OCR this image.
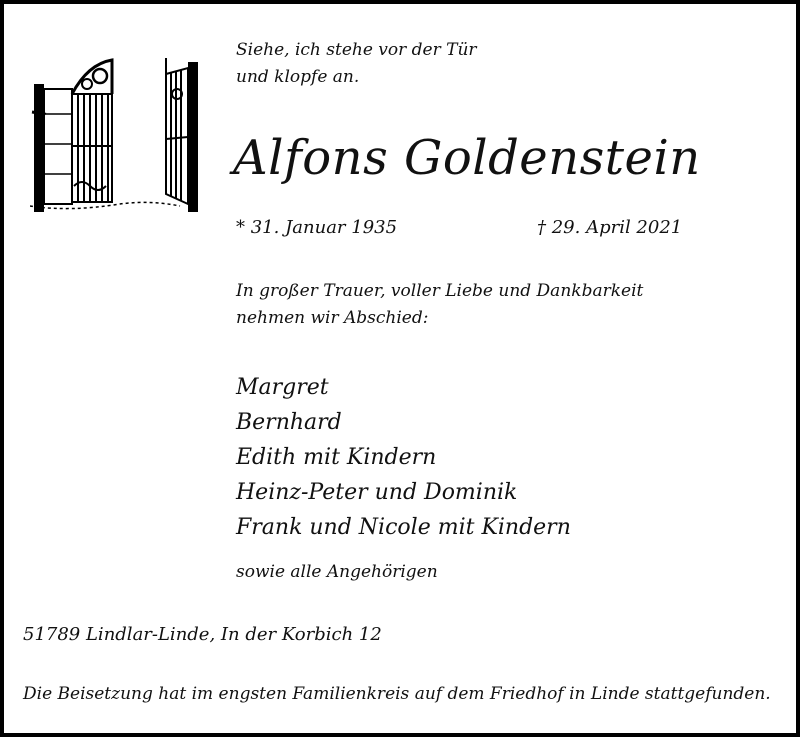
Siehe, ich stehe vor der Tür
und klopfe an.
Alfons Goldenstein
* 31. Januar 1935	† 29. April 2021
In großer Trauer, voller Liebe und Dankbarkeit
nehmen wir Abschied:
Margret
Bernhard
Edith mit Kindern
Heinz-Peter und Dominik
Frank und Nicole mit Kindern
sowie alle Angehörigen
51789 Lindlar-Linde, In der Korbich 12
Die Beisetzung hat im engsten Familienkreis auf dem Friedhof in Linde stattgefunden.
